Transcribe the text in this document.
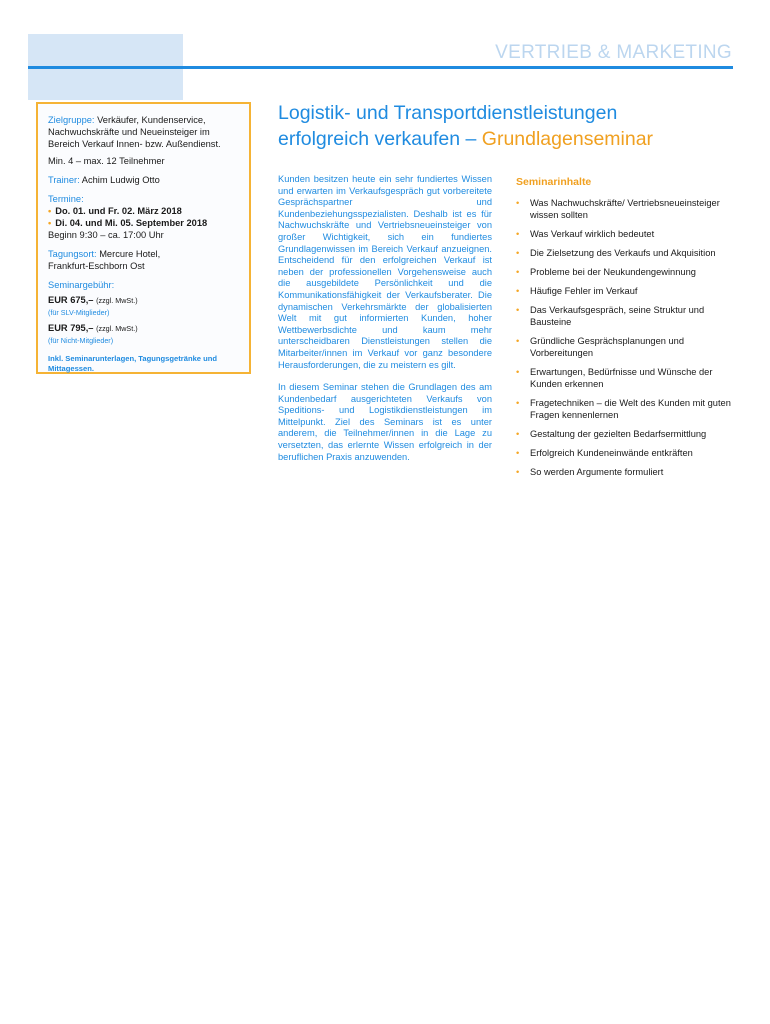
VERTRIEB & MARKETING
Zielgruppe: Verkäufer, Kundenservice, Nachwuchskräfte und Neueinsteiger im Bereich Verkauf Innen- bzw. Außendienst.
Min. 4 – max. 12 Teilnehmer
Trainer: Achim Ludwig Otto
Termine:
• Do. 01. und Fr. 02. März 2018
• Di. 04. und Mi. 05. September 2018
Beginn 9:30 – ca. 17:00 Uhr
Tagungsort: Mercure Hotel,
Frankfurt-Eschborn Ost
Seminargebühr:
EUR 675,– (zzgl. MwSt.)
(für SLV-Mitglieder)
EUR 795,– (zzgl. MwSt.)
(für Nicht-Mitglieder)
Inkl. Seminarunterlagen, Tagungsgetränke und Mittagessen.
Logistik- und Transportdienstleistungen
erfolgreich verkaufen – Grundlagenseminar

Kunden besitzen heute ein sehr fundiertes Wissen und erwarten im Verkaufsgespräch gut vorbereitete Gesprächspartner und Kundenbeziehungsspezialisten. Deshalb ist es für Nachwuchskräfte und Vertriebsneueinsteiger von großer Wichtigkeit, sich ein fundiertes Grundlagenwissen im Bereich Verkauf anzueignen. Entscheidend für den erfolgreichen Verkauf ist neben der professionellen Vorgehensweise auch die ausgebildete Persönlichkeit und die Kommunikationsfähigkeit der Verkaufsberater. Die dynamischen Verkehrsmärkte der globalisierten Welt mit gut informierten Kunden, hoher Wettbewerbsdichte und kaum mehr unterscheidbaren Dienstleistungen stellen die Mitarbeiter/innen im Verkauf vor ganz besondere Herausforderungen, die zu meistern es gilt.

In diesem Seminar stehen die Grundlagen des am Kundenbedarf ausgerichteten Verkaufs von Speditions- und Logistikdienstleistungen im Mittelpunkt. Ziel des Seminars ist es unter anderem, die Teilnehmer/innen in die Lage zu versetzten, das erlernte Wissen erfolgreich in der beruflichen Praxis anzuwenden.

Seminarinhalte
• Was Nachwuchskräfte/ Vertriebsneueinsteiger wissen sollten
• Was Verkauf wirklich bedeutet
• Die Zielsetzung des Verkaufs und Akquisition
• Probleme bei der Neukundengewinnung
• Häufige Fehler im Verkauf
• Das Verkaufsgespräch, seine Struktur und Bausteine
• Gründliche Gesprächsplanungen und Vorbereitungen
• Erwartungen, Bedürfnisse und Wünsche der Kunden erkennen
• Fragetechniken – die Welt des Kunden mit guten Fragen kennenlernen
• Gestaltung der gezielten Bedarfsermittlung
• Erfolgreich Kundeneinwände entkräften
• So werden Argumente formuliert
